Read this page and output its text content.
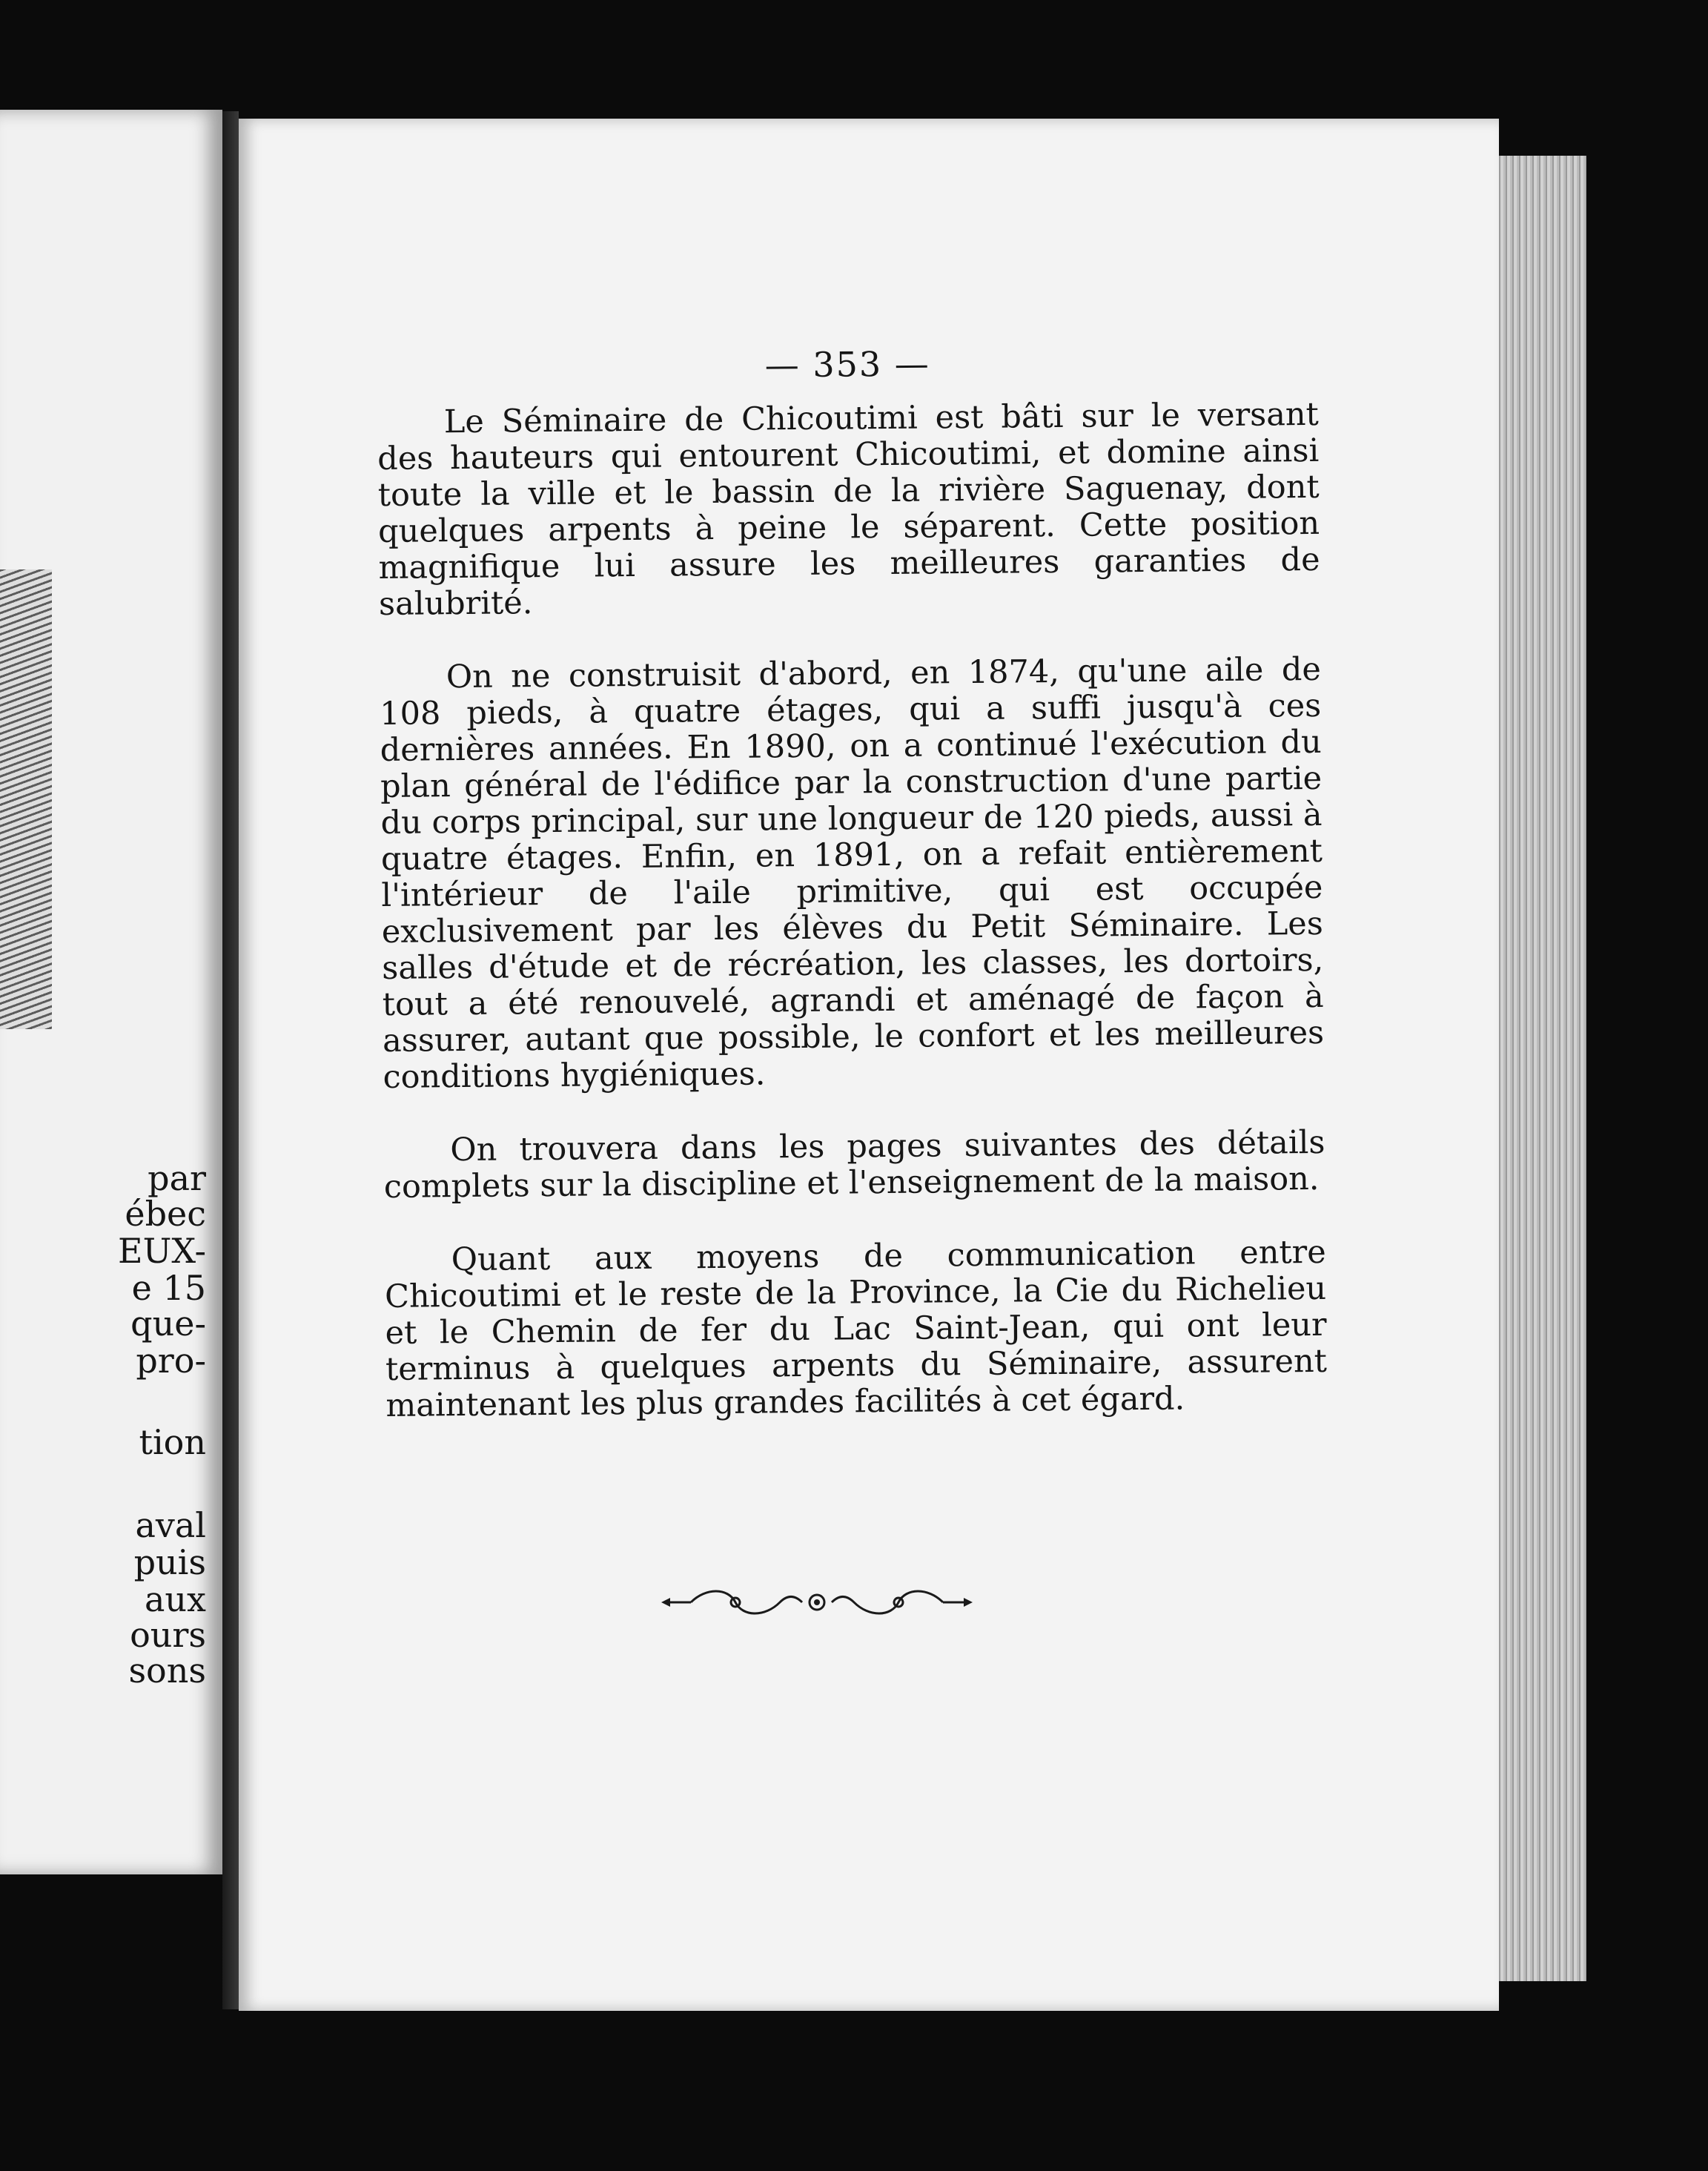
par

ébec

EUX-

e 15

que-

pro-

tion

aval

puis

aux

ours

sons

— 353 —

Le Séminaire de Chicoutimi est bâti sur le versant des hauteurs qui entourent Chicoutimi, et domine ainsi toute la ville et le bassin de la rivière Saguenay, dont quelques arpents à peine le séparent. Cette position magnifique lui assure les meilleures garanties de salubrité.

On ne construisit d'abord, en 1874, qu'une aile de 108 pieds, à quatre étages, qui a suffi jusqu'à ces dernières années. En 1890, on a continué l'exécution du plan général de l'édifice par la construction d'une partie du corps principal, sur une longueur de 120 pieds, aussi à quatre étages. Enfin, en 1891, on a refait entièrement l'intérieur de l'aile primitive, qui est occupée exclusivement par les élèves du Petit Séminaire. Les salles d'étude et de récréation, les classes, les dortoirs, tout a été renouvelé, agrandi et aménagé de façon à assurer, autant que possible, le confort et les meilleures conditions hygiéniques.

On trouvera dans les pages suivantes des détails complets sur la discipline et l'enseignement de la maison.

Quant aux moyens de communication entre Chicoutimi et le reste de la Province, la Cie du Richelieu et le Chemin de fer du Lac Saint-Jean, qui ont leur terminus à quelques arpents du Séminaire, assurent maintenant les plus grandes facilités à cet égard.
